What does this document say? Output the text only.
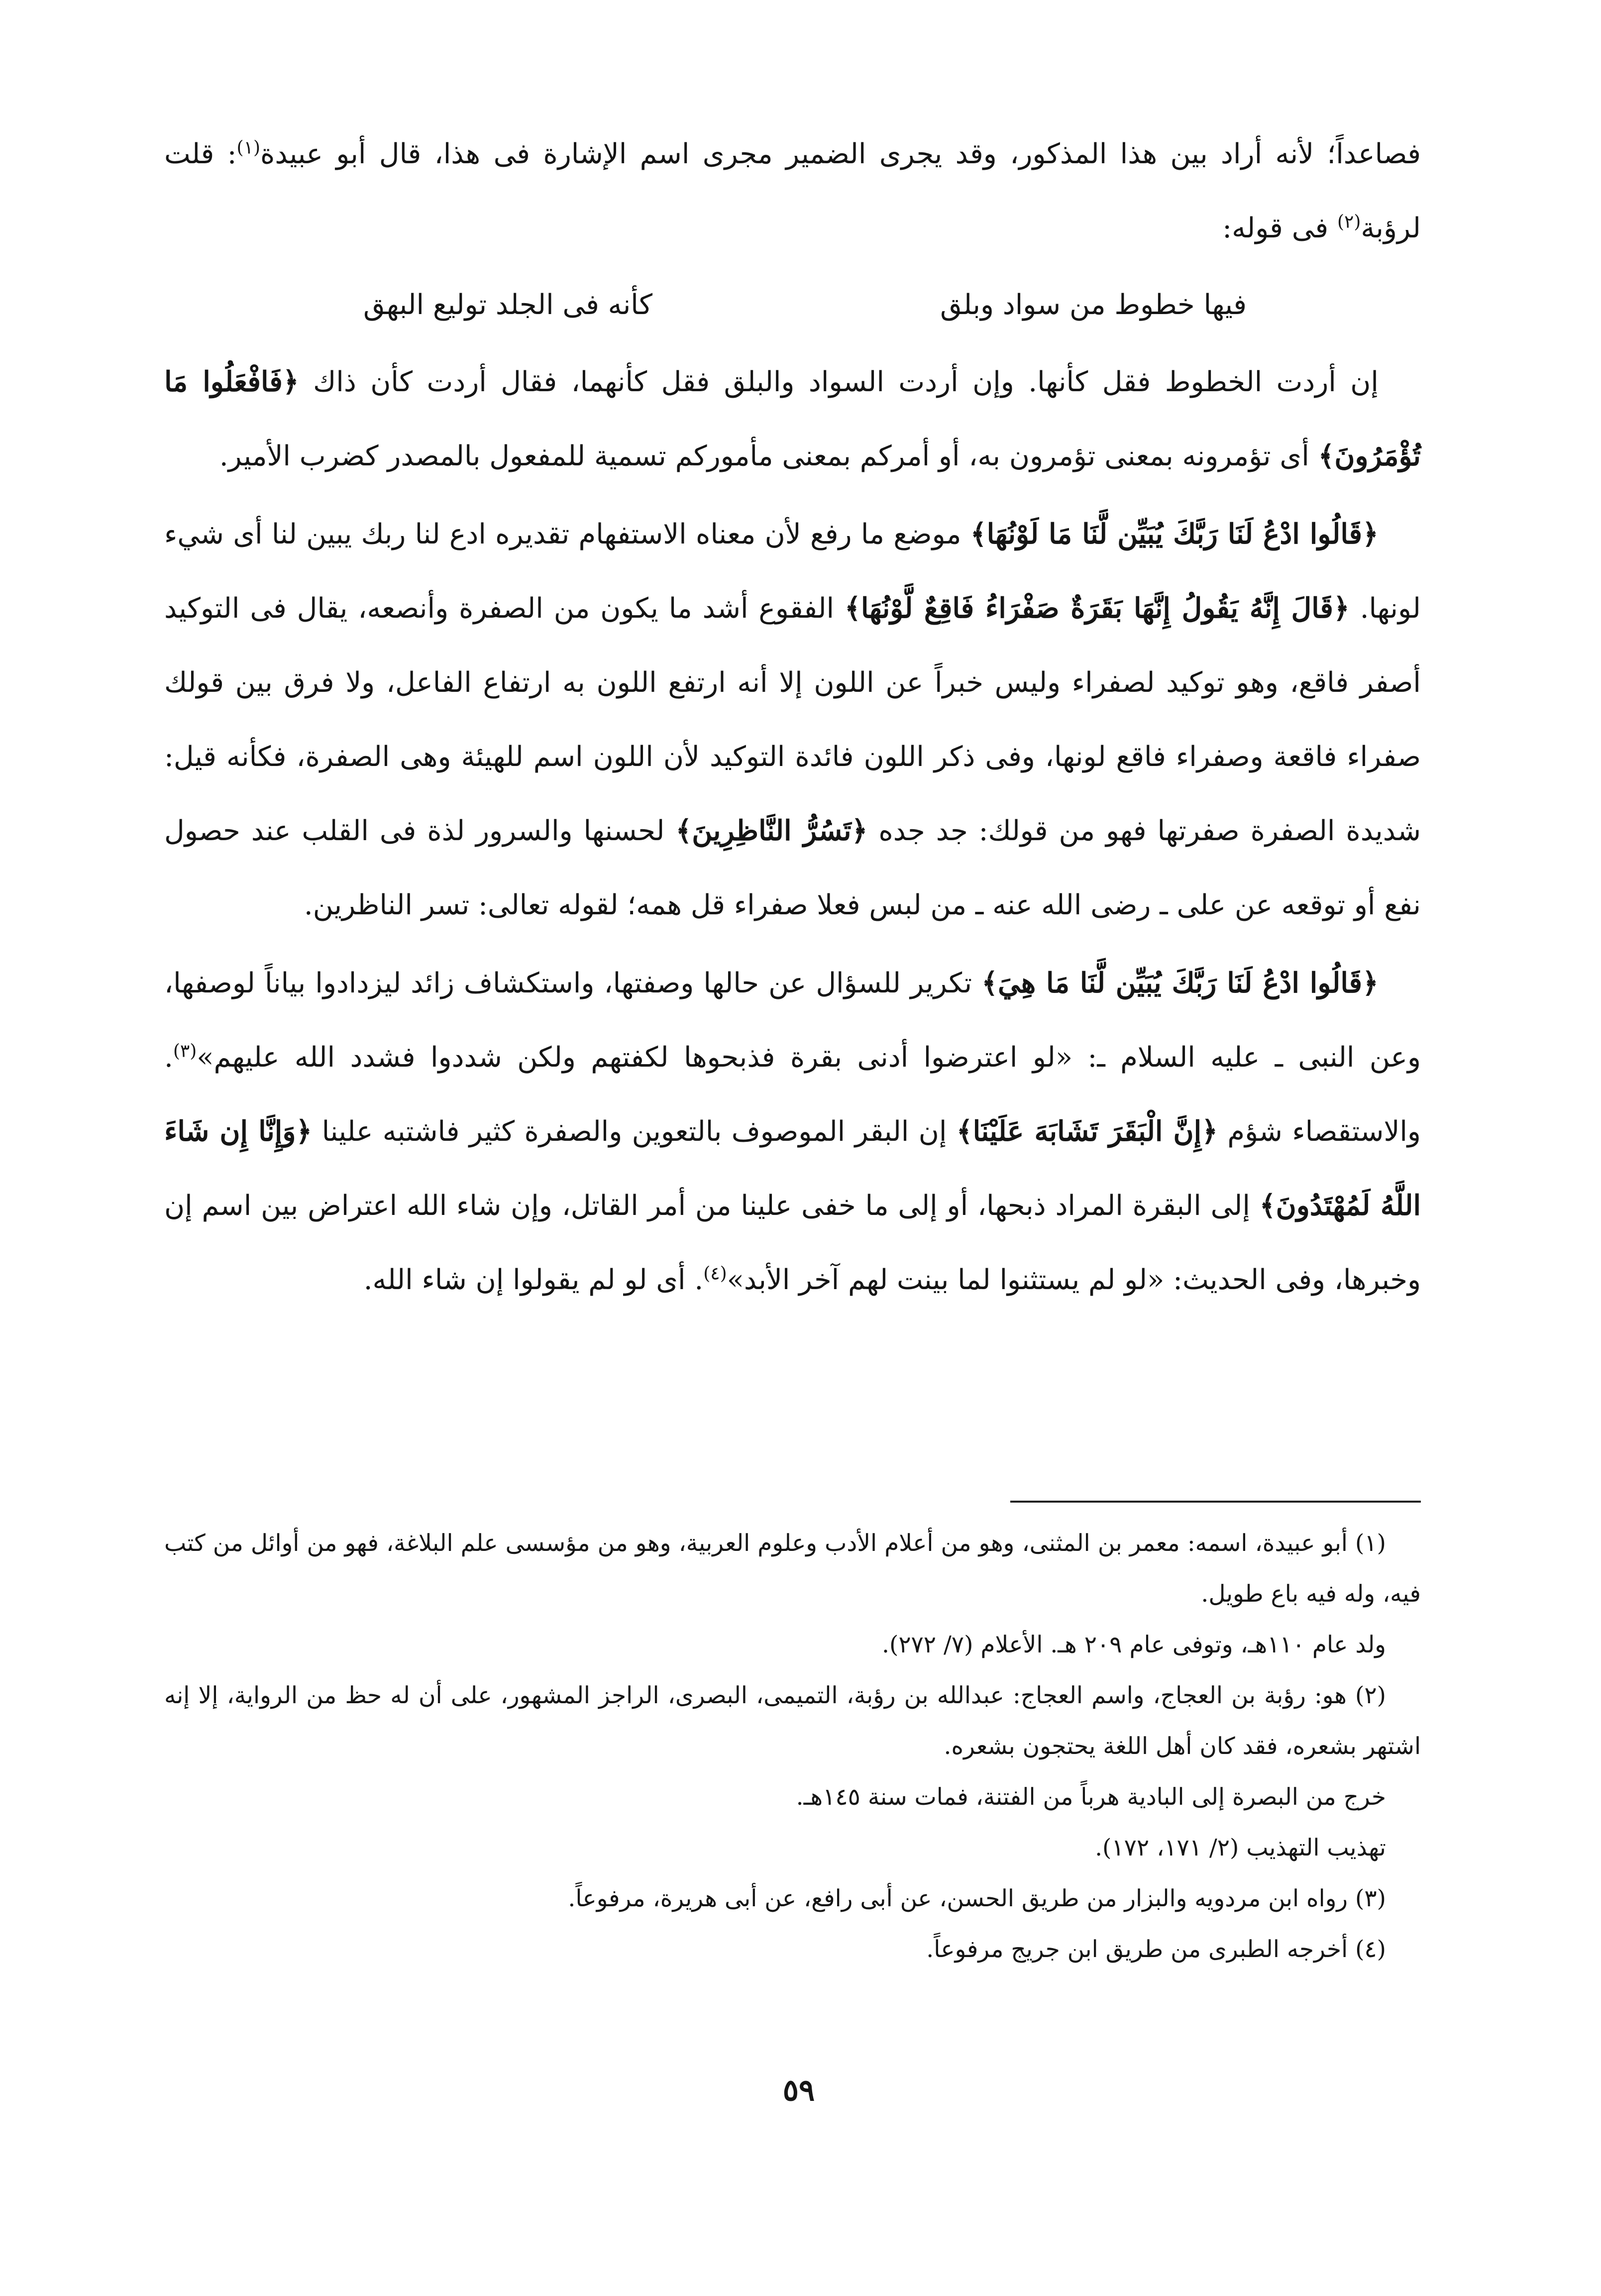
فصاعداً؛ لأنه أراد بين هذا المذكور، وقد يجرى الضمير مجرى اسم الإشارة فى هذا، قال أبو عبيدة$^{(١)}$: قلت لرؤبة$^{(٢)}$ فى قوله:

فيها خطوط من سواد وبلق
كأنه فى الجلد توليع البهق

إن أردت الخطوط فقل كأنها. وإن أردت السواد والبلق فقل كأنهما، فقال أردت كأن ذاك ﴿فَافْعَلُوا مَا تُؤْمَرُونَ﴾ أى تؤمرونه بمعنى تؤمرون به، أو أمركم بمعنى مأموركم تسمية للمفعول بالمصدر كضرب الأمير.

﴿قَالُوا ادْعُ لَنَا رَبَّكَ يُبَيِّن لَّنَا مَا لَوْنُهَا﴾ موضع ما رفع لأن معناه الاستفهام تقديره ادع لنا ربك يبين لنا أى شيء لونها. ﴿قَالَ إِنَّهُ يَقُولُ إِنَّهَا بَقَرَةٌ صَفْرَاءُ فَاقِعٌ لَّوْنُهَا﴾ الفقوع أشد ما يكون من الصفرة وأنصعه، يقال فى التوكيد أصفر فاقع، وهو توكيد لصفراء وليس خبراً عن اللون إلا أنه ارتفع اللون به ارتفاع الفاعل، ولا فرق بين قولك صفراء فاقعة وصفراء فاقع لونها، وفى ذكر اللون فائدة التوكيد لأن اللون اسم للهيئة وهى الصفرة، فكأنه قيل: شديدة الصفرة صفرتها فهو من قولك: جد جده ﴿تَسُرُّ النَّاظِرِينَ﴾ لحسنها والسرور لذة فى القلب عند حصول نفع أو توقعه عن على ـ رضى الله عنه ـ من لبس فعلا صفراء قل همه؛ لقوله تعالى: تسر الناظرين.

﴿قَالُوا ادْعُ لَنَا رَبَّكَ يُبَيِّن لَّنَا مَا هِيَ﴾ تكرير للسؤال عن حالها وصفتها، واستكشاف زائد ليزدادوا بياناً لوصفها، وعن النبى ـ عليه السلام ـ: «لو اعترضوا أدنى بقرة فذبحوها لكفتهم ولكن شددوا فشدد الله عليهم»$^{(٣)}$. والاستقصاء شؤم ﴿إِنَّ الْبَقَرَ تَشَابَهَ عَلَيْنَا﴾ إن البقر الموصوف بالتعوين والصفرة كثير فاشتبه علينا ﴿وَإِنَّا إِن شَاءَ اللَّهُ لَمُهْتَدُونَ﴾ إلى البقرة المراد ذبحها، أو إلى ما خفى علينا من أمر القاتل، وإن شاء الله اعتراض بين اسم إن وخبرها، وفى الحديث: «لو لم يستثنوا لما بينت لهم آخر الأبد»$^{(٤)}$. أى لو لم يقولوا إن شاء الله.

(١) أبو عبيدة، اسمه: معمر بن المثنى، وهو من أعلام الأدب وعلوم العربية، وهو من مؤسسى علم البلاغة، فهو من أوائل من كتب فيه، وله فيه باع طويل.

ولد عام ١١٠هـ، وتوفى عام ٢٠٩ هـ. الأعلام (٧/ ٢٧٢).

(٢) هو: رؤبة بن العجاج، واسم العجاج: عبدالله بن رؤبة، التميمى، البصرى، الراجز المشهور، على أن له حظ من الرواية، إلا إنه اشتهر بشعره، فقد كان أهل اللغة يحتجون بشعره.

خرج من البصرة إلى البادية هرباً من الفتنة، فمات سنة ١٤٥هـ.

تهذيب التهذيب (٢/ ١٧١، ١٧٢).

(٣) رواه ابن مردويه والبزار من طريق الحسن، عن أبى رافع، عن أبى هريرة، مرفوعاً.

(٤) أخرجه الطبرى من طريق ابن جريج مرفوعاً.

٥٩
